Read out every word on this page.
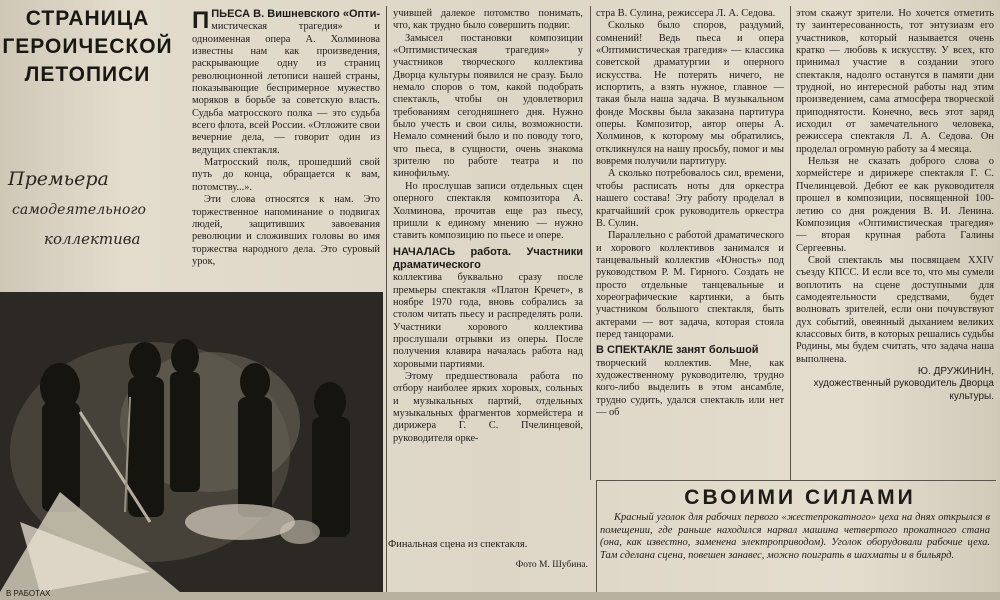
СТРАНИЦА
ГЕРОИЧЕСКОЙ
ЛЕТОПИСИ
Премьера
самодеятельного
коллектива

ППЬЕСА В. Вишневского «Опти- мистическая трагедия» и одноименная опера А. Холминова известны нам как произведения, раскрывающие одну из страниц революционной летописи нашей страны, показывающие беспримерное мужество моряков в борьбе за советскую власть. Судьба матросского полка — это судьба всего флота, всей России. «Отложите свои вечерние дела, — говорит один из ведущих спектакля.

Матросский полк, прошедший свой путь до конца, обращается к вам, потомству...».

Эти слова относятся к нам. Это торжественное напоминание о подвигах людей, защитивших завоевания революции и сложивших головы во имя торжества народного дела. Это суровый урок,

учившей далекое потомство понимать, что, как трудно было совершить подвиг.

Замысел постановки композиции «Оптимистическая трагедия» у участников творческого коллектива Дворца культуры появился не сразу. Было немало споров о том, какой подобрать спектакль, чтобы он удовлетворил требованиям сегодняшнего дня. Нужно было учесть и свои силы, возможности. Немало сомнений было и по поводу того, что пьеса, в сущности, очень знакома зрителю по работе театра и по кинофильму.

Но прослушав записи отдельных сцен оперного спектакля композитора А. Холминова, прочитав еще раз пьесу, пришли к единому мнению — нужно ставить композицию по пьесе и опере.

НАЧАЛАСЬ работа. Участники драматического

коллектива буквально сразу после премьеры спектакля «Платон Кречет», в ноябре 1970 года, вновь собрались за столом читать пьесу и распределять роли. Участники хорового коллектива прослушали отрывки из оперы. После получения клавира началась работа над хоровыми партиями.

Этому предшествовала работа по отбору наиболее ярких хоровых, сольных и музыкальных партий, отдельных музыкальных фрагментов хормейстера и дирижера Г. С. Пчелинцевой, руководителя орке-

стра В. Сулина, режиссера Л. А. Седова.

Сколько было споров, раздумий, сомнений! Ведь пьеса и опера «Оптимистическая трагедия» — классика советской драматургии и оперного искусства. Не потерять ничего, не испортить, а взять нужное, главное — такая была наша задача. В музыкальном фонде Москвы была заказана партитура оперы. Композитор, автор оперы А. Холминов, к которому мы обратились, откликнулся на нашу просьбу, помог и мы вовремя получили партитуру.

А сколько потребовалось сил, времени, чтобы расписать ноты для оркестра нашего состава! Эту работу проделал в кратчайший срок руководитель оркестра В. Сулин.

Параллельно с работой драматического и хорового коллективов занимался и танцевальный коллектив «Юность» под руководством Р. М. Гирного. Создать не просто отдельные танцевальные и хореографические картинки, а быть участником большого спектакля, быть актерами — вот задача, которая стояла перед танцорами.

В СПЕКТАКЛЕ занят большой

творческий коллектив. Мне, как художественному руководителю, трудно кого-либо выделить в этом ансамбле, трудно судить, удался спектакль или нет — об

этом скажут зрители. Но хочется отметить ту заинтересованность, тот энтузиазм его участников, который называется очень кратко — любовь к искусству. У всех, кто принимал участие в создании этого спектакля, надолго останутся в памяти дни трудной, но интересной работы над этим произведением, сама атмосфера творческой приподнятости. Конечно, весь этот заряд исходил от замечательного человека, режиссера спектакля Л. А. Седова. Он проделал огромную работу за 4 месяца.

Нельзя не сказать доброго слова о хормейстере и дирижере спектакля Г. С. Пчелинцевой. Дебют ее как руководителя прошел в композиции, посвященной 100-летию со дня рождения В. И. Ленина. Композиция «Оптимистическая трагедия» — вторая крупная работа Галины Сергеевны.

Свой спектакль мы посвящаем XXIV съезду КПСС. И если все то, что мы сумели воплотить на сцене доступными для самодеятельности средствами, будет волновать зрителей, если они почувствуют дух событий, овеянный дыханием великих классовых битв, в которых решались судьбы Родины, мы будем считать, что задача наша выполнена.

Ю. ДРУЖИНИН,

художественный руководитель Дворца культуры.

Финальная сцена из спектакля.
Фото М. Шубина.
СВОИМИ СИЛАМИ

Красный уголок для рабочих первого «жестепрокатного» цеха на днях открылся в помещении, где раньше находился нарвал машина четвертого прокатного стана (она, как известно, заменена электроприводом). Уголок оборудовали рабочие цеха. Там сделана сцена, повешен занавес, можно поиграть в шахматы и в бильярд.

В РАБОТАХ
